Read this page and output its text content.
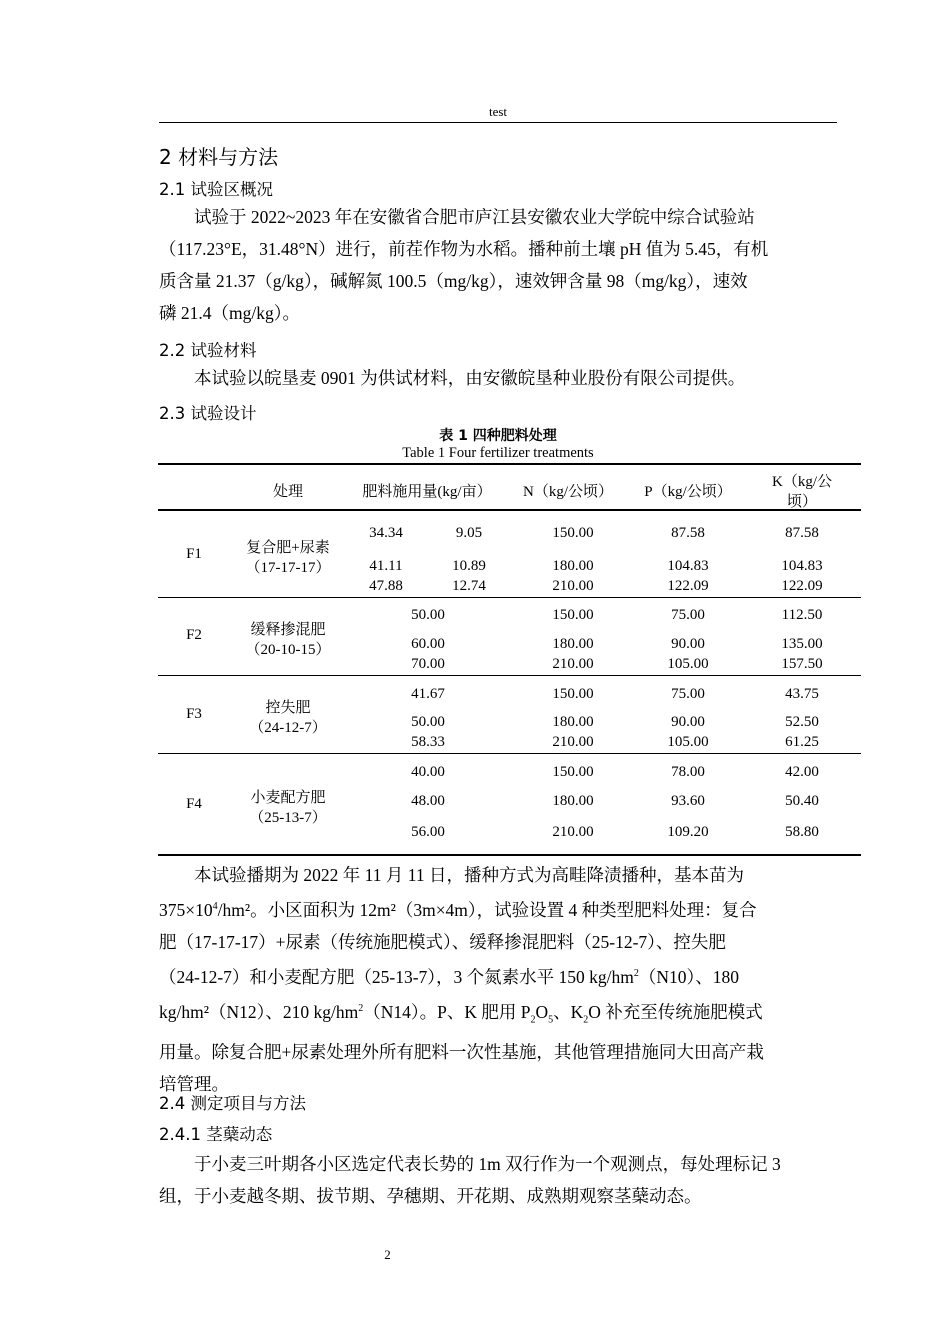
test
2 材料与方法
2.1 试验区概况

试验于 2022~2023 年在安徽省合肥市庐江县安徽农业大学皖中综合试验站

（117.23°E，31.48°N）进行，前茬作物为水稻。播种前土壤 pH 值为 5.45，有机

质含量 21.37（g/kg），碱解氮 100.5（mg/kg），速效钾含量 98（mg/kg），速效

磷 21.4（mg/kg）。

2.2 试验材料

本试验以皖垦麦 0901 为供试材料，由安徽皖垦种业股份有限公司提供。

2.3 试验设计
表 1 四种肥料处理
Table 1 Four fertilizer treatments
处理	肥料施用量(kg/亩） N（kg/公顷） P（kg/公顷）
K（kg/公
顷）
F1	复合肥+尿素
（17-17-17）
34.34	9.05	150.00	87.58	87.58
41.11	10.89	180.00	104.83	104.83
47.88	12.74	210.00	122.09	122.09
F2	缓释掺混肥
（20-10-15）
50.00	150.00	75.00	112.50
60.00	180.00	90.00	135.00
70.00	210.00	105.00	157.50
F3	控失肥
（24-12-7）
41.67	150.00	75.00	43.75
50.00	180.00	90.00	52.50
58.33	210.00	105.00	61.25
F4	小麦配方肥
（25-13-7）
40.00	150.00	78.00	42.00
48.00	180.00	93.60	50.40
56.00	210.00	109.20	58.80

本试验播期为 2022 年 11 月 11 日，播种方式为高畦降渍播种，基本苗为

$375\times 10^4$/hm²。小区面积为 12m²（3m×4m），试验设置 4 种类型肥料处理：复合

肥（17-17-17）+尿素（传统施肥模式）、缓释掺混肥料（25-12-7）、控失肥

（24-12-7）和小麦配方肥（25-13-7），3 个氮素水平 150 $kg/hm^2(N10)$、180

kg/hm²（N12）、210 $kg/hm^2(N14)$。P、K 肥用 $P_2O_5$、$K_2O$ 补充至传统施肥模式

用量。除复合肥+尿素处理外所有肥料一次性基施，其他管理措施同大田高产栽

培管理。

2.4 测定项目与方法
2.4.1 茎蘖动态

于小麦三叶期各小区选定代表长势的 1m 双行作为一个观测点，每处理标记 3

组，于小麦越冬期、拔节期、孕穗期、开花期、成熟期观察茎蘖动态。

2
